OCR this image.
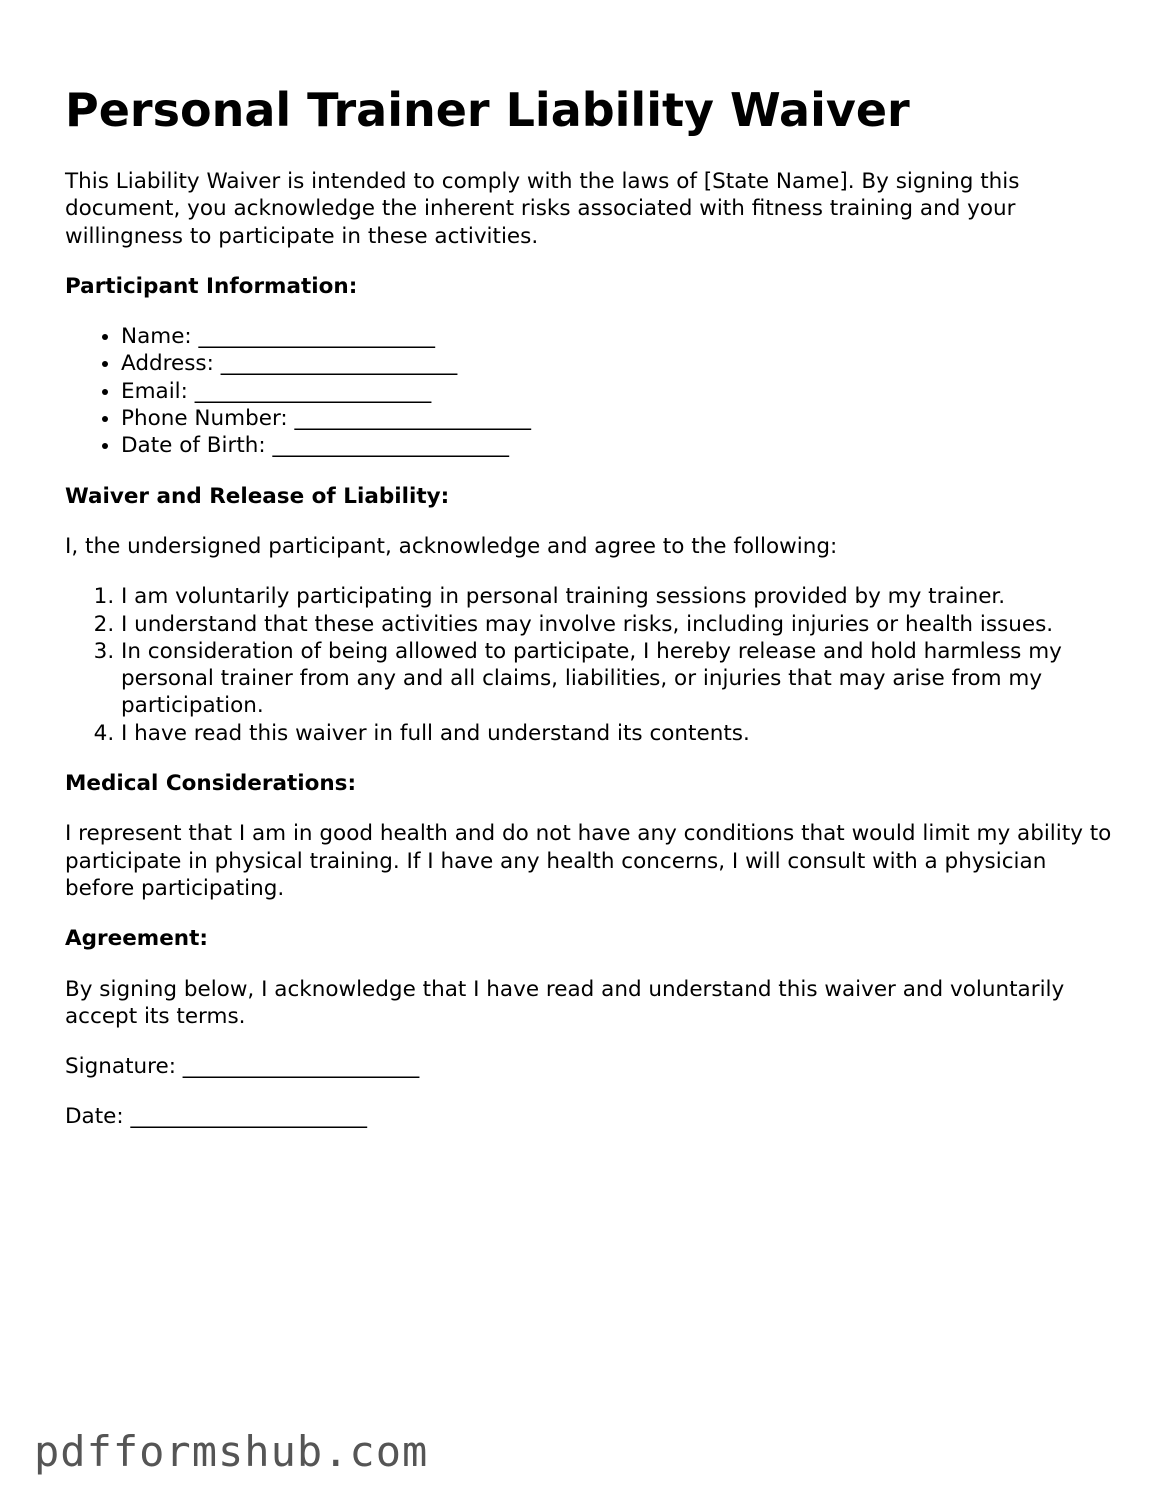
Personal Trainer Liability Waiver

This Liability Waiver is intended to comply with the laws of [State Name]. By signing this document, you acknowledge the inherent risks associated with fitness training and your willingness to participate in these activities.

Participant Information:

• Name: ______________________
• Address: ______________________
• Email: ______________________
• Phone Number: ______________________
• Date of Birth: ______________________

Waiver and Release of Liability:

I, the undersigned participant, acknowledge and agree to the following:

1. I am voluntarily participating in personal training sessions provided by my trainer.
2. I understand that these activities may involve risks, including injuries or health issues.
3. In consideration of being allowed to participate, I hereby release and hold harmless my personal trainer from any and all claims, liabilities, or injuries that may arise from my participation.
4. I have read this waiver in full and understand its contents.

Medical Considerations:

I represent that I am in good health and do not have any conditions that would limit my ability to participate in physical training. If I have any health concerns, I will consult with a physician before participating.

Agreement:

By signing below, I acknowledge that I have read and understand this waiver and voluntarily accept its terms.

Signature: ______________________

Date: ______________________

pdfformshub.com
